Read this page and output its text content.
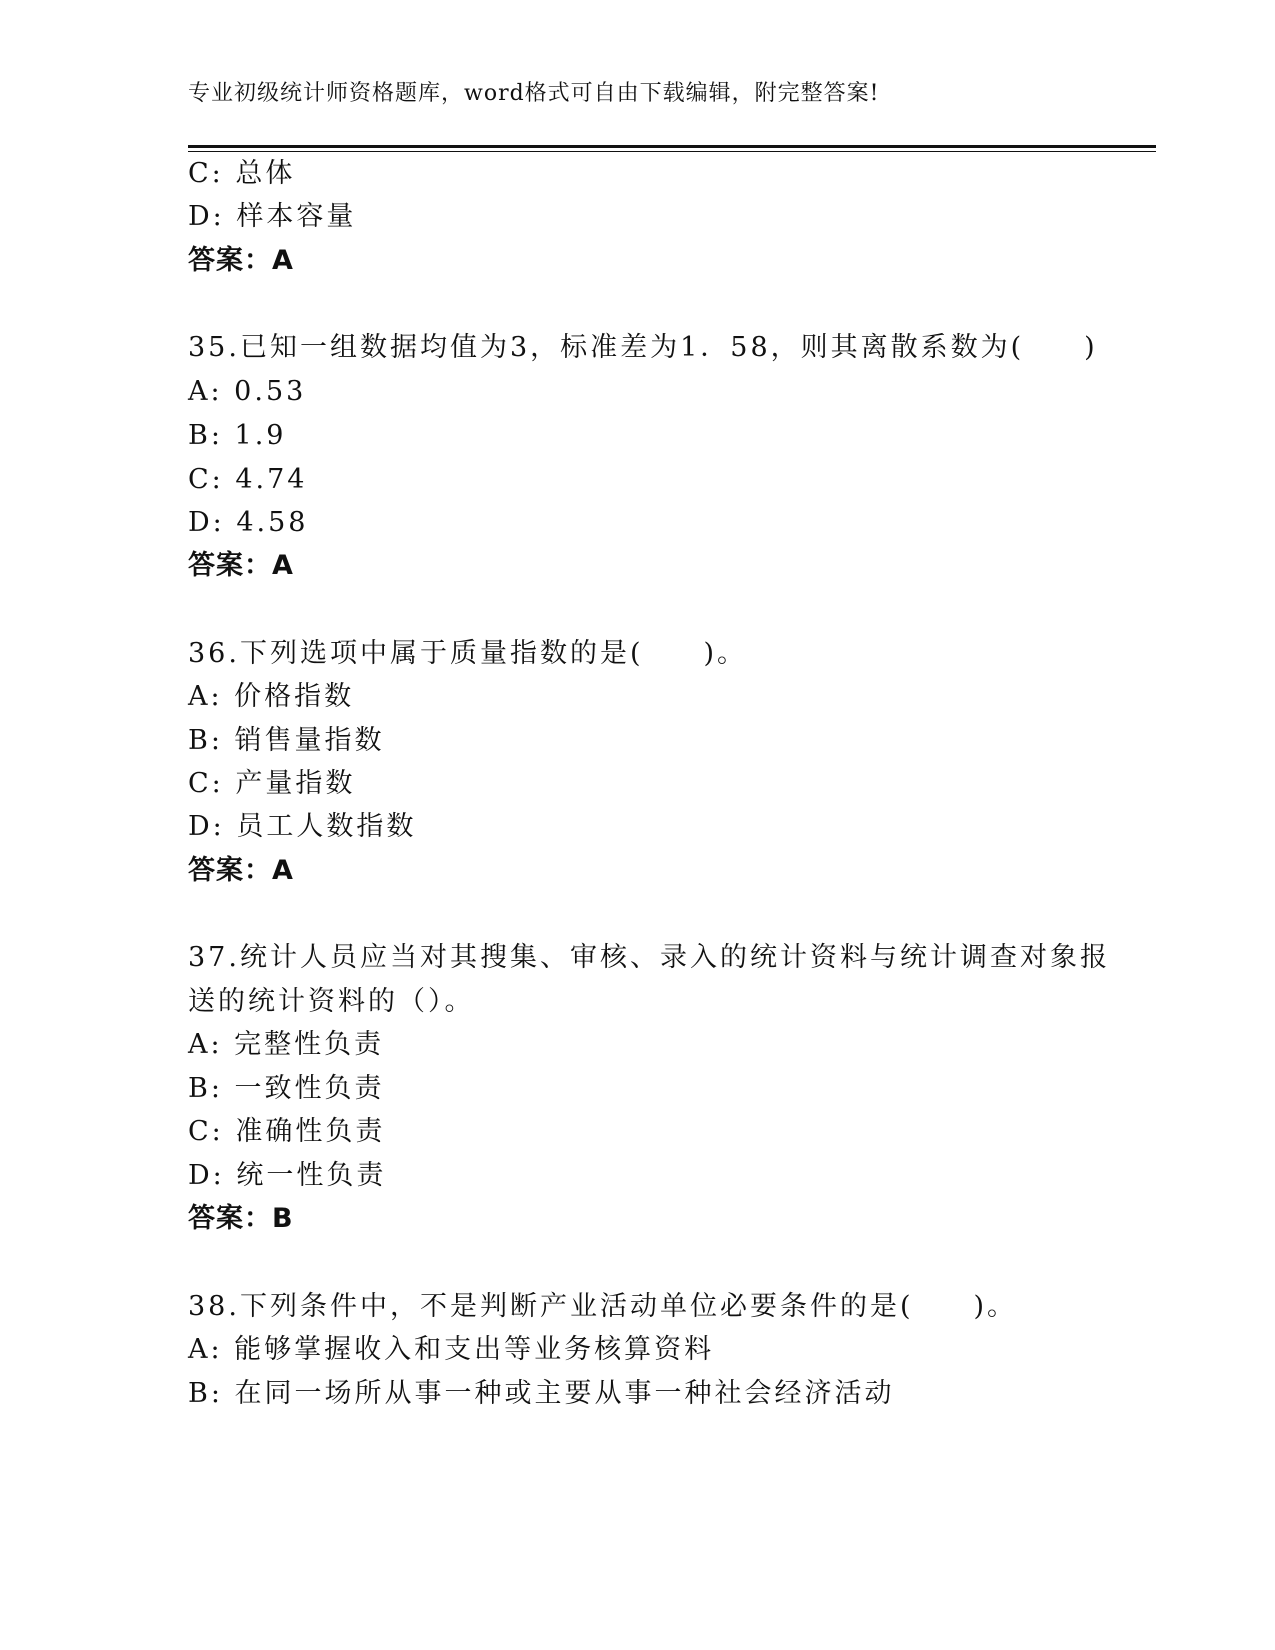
专业初级统计师资格题库，word格式可自由下载编辑，附完整答案!
C: 总体
D: 样本容量
答案：A
35.已知一组数据均值为3，标准差为1．58，则其离散系数为(　　)
A: 0.53
B: 1.9
C: 4.74
D: 4.58
答案：A
36.下列选项中属于质量指数的是(　　)。
A: 价格指数
B: 销售量指数
C: 产量指数
D: 员工人数指数
答案：A
37.统计人员应当对其搜集、审核、录入的统计资料与统计调查对象报
送的统计资料的（）。
A: 完整性负责
B: 一致性负责
C: 准确性负责
D: 统一性负责
答案：B
38.下列条件中，不是判断产业活动单位必要条件的是(　　)。
A: 能够掌握收入和支出等业务核算资料
B: 在同一场所从事一种或主要从事一种社会经济活动
